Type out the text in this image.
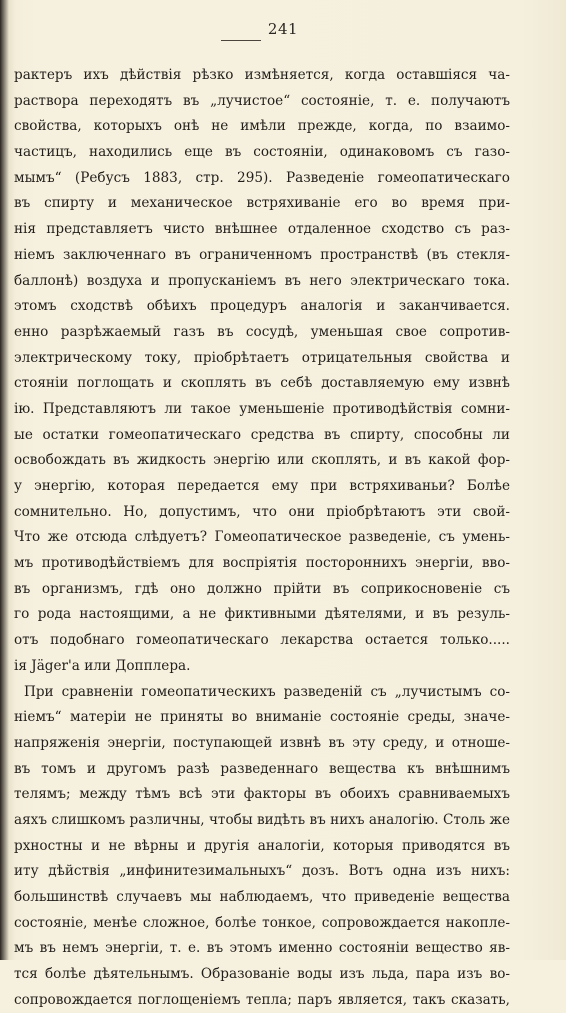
241
рактеръ ихъ дѣйствія рѣзко измѣняется, когда оставшіяся ча-
раствора переходятъ въ „лучистое“ состояніе, т. е. получаютъ
свойства, которыхъ онѣ не имѣли прежде, когда, по взаимо-
частицъ, находились еще въ состояніи, одинаковомъ съ газо-
мымъ“ (Ребусъ 1883, стр. 295). Разведеніе гомеопатическаго
въ спирту и механическое встряхиваніе его во время при-
нія представляетъ чисто внѣшнее отдаленное сходство съ раз-
ніемъ заключеннаго въ ограниченномъ пространствѣ (въ стекля-
баллонѣ) воздуха и пропусканіемъ въ него электрическаго тока.
этомъ сходствѣ обѣихъ процедуръ аналогія и заканчивается.
енно разрѣжаемый газъ въ сосудѣ, уменьшая свое сопротив-
электрическому току, пріобрѣтаетъ отрицательныя свойства и
стояніи поглощать и скоплять въ себѣ доставляемую ему извнѣ
ію. Представляютъ ли такое уменьшеніе противодѣйствія сомни-
ые остатки гомеопатическаго средства въ спирту, способны ли
освобождать въ жидкость энергію или скоплять, и въ какой фор-
у энергію, которая передается ему при встряхиваньи? Болѣе
сомнительно. Но, допустимъ, что они пріобрѣтаютъ эти свой-
Что же отсюда слѣдуетъ? Гомеопатическое разведеніе, съ умень-
мъ противодѣйствіемъ для воспріятія постороннихъ энергіи, вво-
въ организмъ, гдѣ оно должно прійти въ соприкосновеніе съ
го рода настоящими, а не фиктивными дѣятелями, и въ резуль-
отъ подобнаго гомеопатическаго лекарства остается только.....
ія Jäger'а или Допплера.
При сравненіи гомеопатическихъ разведеній съ „лучистымъ со-
ніемъ“ матеріи не приняты во вниманіе состояніе среды, значе-
напряженія энергіи, поступающей извнѣ въ эту среду, и отноше-
въ томъ и другомъ разѣ разведеннаго вещества къ внѣшнимъ
телямъ; между тѣмъ всѣ эти факторы въ обоихъ сравниваемыхъ
аяхъ слишкомъ различны, чтобы видѣть въ нихъ аналогію. Столь же
рхностны и не вѣрны и другія аналогіи, которыя приводятся въ
иту дѣйствія „инфинитезимальныхъ“ дозъ. Вотъ одна изъ нихъ:
большинствѣ случаевъ мы наблюдаемъ, что приведеніе вещества
состояніе, менѣе сложное, болѣе тонкое, сопровождается накопле-
мъ въ немъ энергіи, т. е. въ этомъ именно состояніи вещество яв-
тся болѣе дѣятельнымъ. Образованіе воды изъ льда, пара изъ во-
сопровождается поглощеніемъ тепла; паръ является, такъ сказать,
